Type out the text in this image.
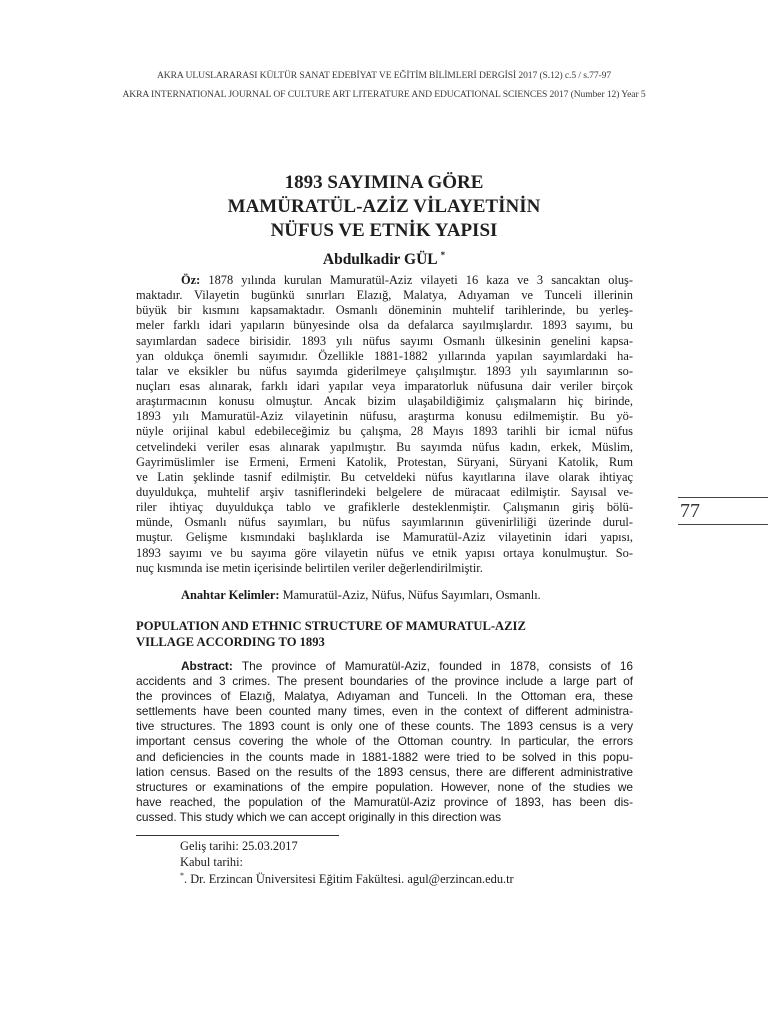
AKRA ULUSLARARASI KÜLTÜR SANAT EDEBİYAT VE EĞİTİM BİLİMLERİ DERGİSİ 2017 (S.12) c.5 / s.77-97
AKRA INTERNATIONAL JOURNAL OF CULTURE ART LITERATURE AND EDUCATIONAL SCIENCES 2017 (Number 12) Year 5
1893 SAYIMINA GÖRE
MAMÜRATÜL-AZİZ VİLAYETİNİN
NÜFUS VE ETNİK YAPISI
Abdulkadir GÜL *
Öz: 1878 yılında kurulan Mamuratül-Aziz vilayeti 16 kaza ve 3 sancaktan oluş-
maktadır. Vilayetin bugünkü sınırları Elazığ, Malatya, Adıyaman ve Tunceli illerinin
büyük bir kısmını kapsamaktadır. Osmanlı döneminin muhtelif tarihlerinde, bu yerleş-
meler farklı idari yapıların bünyesinde olsa da defalarca sayılmışlardır. 1893 sayımı, bu
sayımlardan sadece birisidir. 1893 yılı nüfus sayımı Osmanlı ülkesinin genelini kapsa-
yan oldukça önemli sayımıdır. Özellikle 1881-1882 yıllarında yapılan sayımlardaki ha-
talar ve eksikler bu nüfus sayımda giderilmeye çalışılmıştır. 1893 yılı sayımlarının so-
nuçları esas alınarak, farklı idari yapılar veya imparatorluk nüfusuna dair veriler birçok
araştırmacının konusu olmuştur. Ancak bizim ulaşabildiğimiz çalışmaların hiç birinde,
1893 yılı Mamuratül-Aziz vilayetinin nüfusu, araştırma konusu edilmemiştir. Bu yö-
nüyle orijinal kabul edebileceğimiz bu çalışma, 28 Mayıs 1893 tarihli bir icmal nüfus
cetvelindeki veriler esas alınarak yapılmıştır. Bu sayımda nüfus kadın, erkek, Müslim,
Gayrimüslimler ise Ermeni, Ermeni Katolik, Protestan, Süryani, Süryani Katolik, Rum
ve Latin şeklinde tasnif edilmiştir. Bu cetveldeki nüfus kayıtlarına ilave olarak ihtiyaç
duyuldukça, muhtelif arşiv tasniflerindeki belgelere de müracaat edilmiştir. Sayısal ve-
riler ihtiyaç duyuldukça tablo ve grafiklerle desteklenmiştir. Çalışmanın giriş bölü-
münde, Osmanlı nüfus sayımları, bu nüfus sayımlarının güvenirliliği üzerinde durul-
muştur. Gelişme kısmındaki başlıklarda ise Mamuratül-Aziz vilayetinin idari yapısı,
1893 sayımı ve bu sayıma göre vilayetin nüfus ve etnik yapısı ortaya konulmuştur. So-
nuç kısmında ise metin içerisinde belirtilen veriler değerlendirilmiştir.
Anahtar Kelimler: Mamuratül-Aziz, Nüfus, Nüfus Sayımları, Osmanlı.
POPULATION AND ETHNIC STRUCTURE OF MAMURATUL-AZIZ
VILLAGE ACCORDING TO 1893
Abstract: The province of Mamuratül-Aziz, founded in 1878, consists of 16
accidents and 3 crimes. The present boundaries of the province include a large part of
the provinces of Elazığ, Malatya, Adıyaman and Tunceli. In the Ottoman era, these
settlements have been counted many times, even in the context of different administra-
tive structures. The 1893 count is only one of these counts. The 1893 census is a very
important census covering the whole of the Ottoman country. In particular, the errors
and deficiencies in the counts made in 1881-1882 were tried to be solved in this popu-
lation census. Based on the results of the 1893 census, there are different administrative
structures or examinations of the empire population. However, none of the studies we
have reached, the population of the Mamuratül-Aziz province of 1893, has been dis-
cussed. This study which we can accept originally in this direction was
Geliş tarihi: 25.03.2017
Kabul tarihi:
*. Dr. Erzincan Üniversitesi Eğitim Fakültesi. agul@erzincan.edu.tr
77
